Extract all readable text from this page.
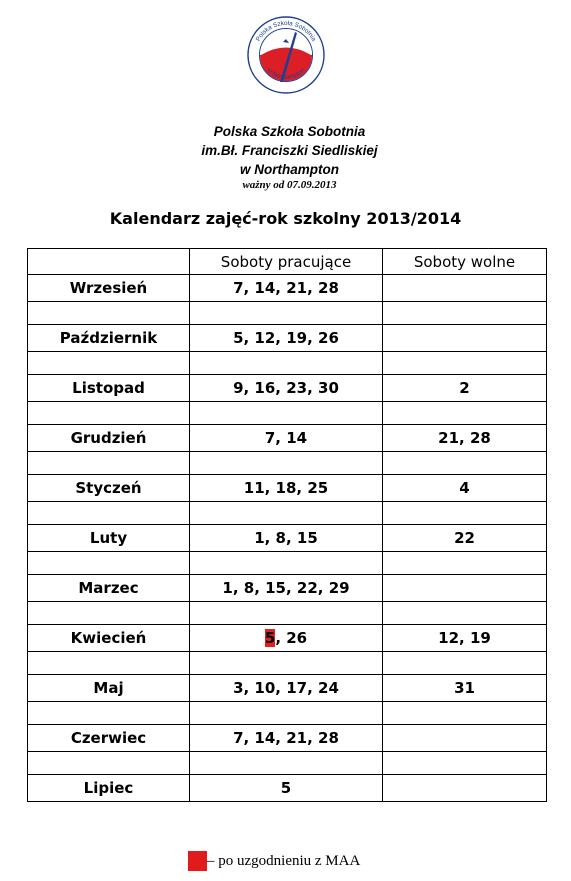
Polska Szkoła Sobotnia
w Northampton
Polska Szkoła Sobotnia
im.Bł. Franciszki Siedliskiej
w Northampton
ważny od 07.09.2013
Kalendarz zajęć-rok szkolny 2013/2014
	Soboty pracujące	Soboty wolne
Wrzesień	7, 14, 21, 28	

Październik	5, 12, 19, 26	

Listopad	9, 16, 23, 30	2

Grudzień	7, 14	21, 28

Styczeń	11, 18, 25	4

Luty	1, 8, 15	22

Marzec	1, 8, 15, 22, 29	

Kwiecień	5, 26	12, 19

Maj	3, 10, 17, 24	31

Czerwiec	7, 14, 21, 28	

Lipiec	5	
– po uzgodnieniu z MAA
